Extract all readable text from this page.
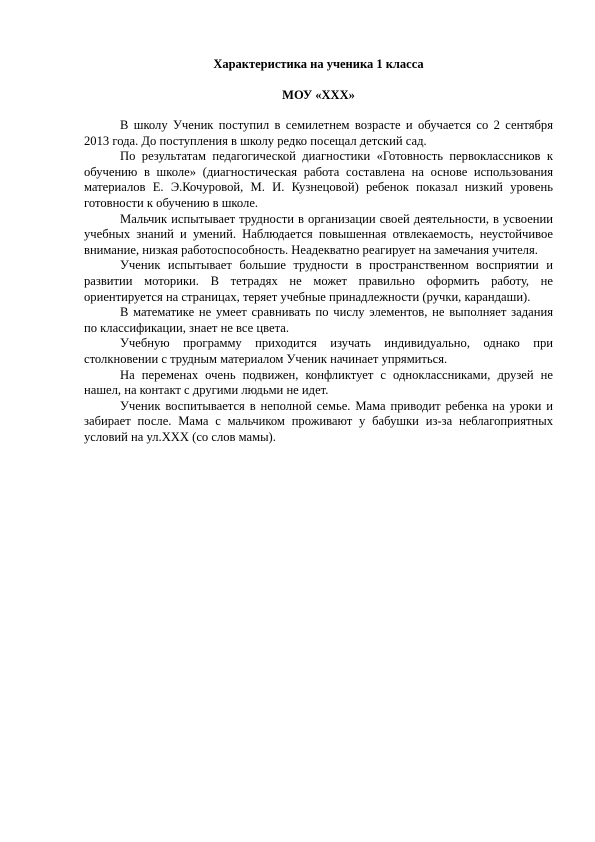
Характеристика на ученика 1 класса

МОУ «ХХХ»

В школу Ученик поступил в семилетнем возрасте и обучается со 2 сентября 2013 года. До поступления в школу редко посещал детский сад.

По результатам педагогической диагностики «Готовность первоклассников к обучению в школе» (диагностическая работа составлена на основе использования материалов Е. Э.Кочуровой, М. И. Кузнецовой) ребенок показал низкий уровень готовности к обучению в школе.

Мальчик испытывает трудности в организации своей деятельности, в усвоении учебных знаний и умений. Наблюдается повышенная отвлекаемость, неустойчивое внимание, низкая работоспособность. Неадекватно реагирует на замечания учителя.

Ученик испытывает большие трудности в пространственном восприятии и развитии моторики. В тетрадях не может правильно оформить работу, не ориентируется на страницах, теряет учебные принадлежности (ручки, карандаши).

В математике не умеет сравнивать по числу элементов, не выполняет задания по классификации, знает не все цвета.

Учебную программу приходится изучать индивидуально, однако при столкновении с трудным материалом Ученик начинает упрямиться.

На переменах очень подвижен, конфликтует с одноклассниками, друзей не нашел, на контакт с другими людьми не идет.

Ученик воспитывается в неполной семье. Мама приводит ребенка на уроки и забирает после. Мама с мальчиком проживают у бабушки из-за неблагоприятных условий на ул.ХХХ (со слов мамы).
